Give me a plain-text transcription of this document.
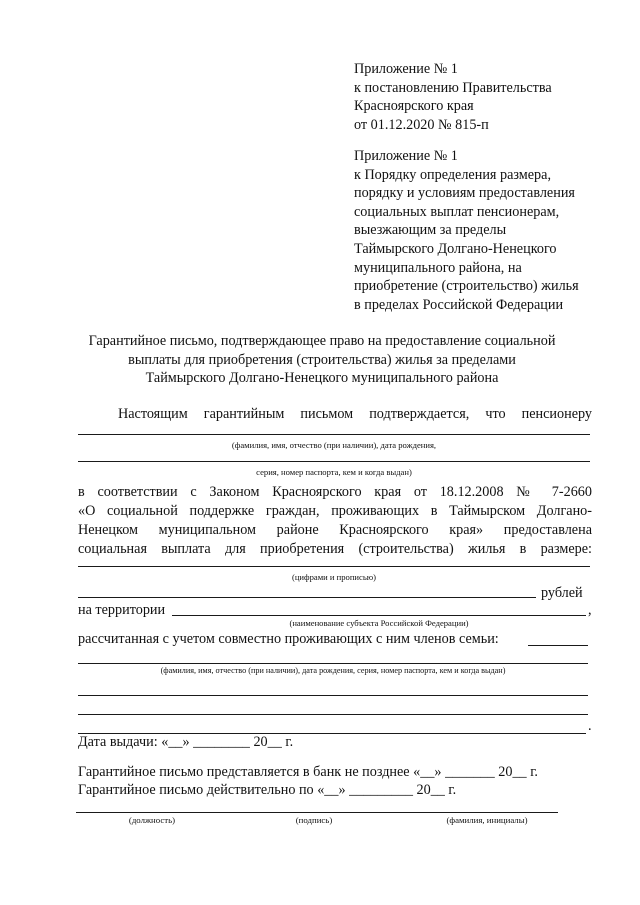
Приложение № 1
к постановлению Правительства
Красноярского края
от 01.12.2020 № 815-п
Приложение № 1
к Порядку определения размера,
порядку и условиям предоставления
социальных выплат пенсионерам,
выезжающим за пределы
Таймырского Долгано-Ненецкого
муниципального района, на
приобретение (строительство) жилья
в пределах Российской Федерации
Гарантийное письмо, подтверждающее право на предоставление социальной
выплаты для приобретения (строительства) жилья за пределами
Таймырского Долгано-Ненецкого муниципального района
Настоящим гарантийным письмом подтверждается, что пенсионеру
(фамилия, имя, отчество (при наличии), дата рождения,
серия, номер паспорта, кем и когда выдан)
в соответствии с Законом Красноярского края от 18.12.2008 № 7-2660
«О социальной поддержке граждан, проживающих в Таймырском Долгано-
Ненецком муниципальном районе Красноярского края» предоставлена
социальная выплата для приобретения (строительства) жилья в размере:
(цифрами и прописью)
рублей
на территории	,
(наименование субъекта Российской Федерации)
рассчитанная с учетом совместно проживающих с ним членов семьи:
(фамилия, имя, отчество (при наличии), дата рождения, серия, номер паспорта, кем и когда выдан)
.
Дата выдачи: «__» ________ 20__ г.
Гарантийное письмо представляется в банк не позднее «__» _______ 20__ г.
Гарантийное письмо действительно по «__» _________ 20__ г.
(должность)	(подпись)	(фамилия, инициалы)
